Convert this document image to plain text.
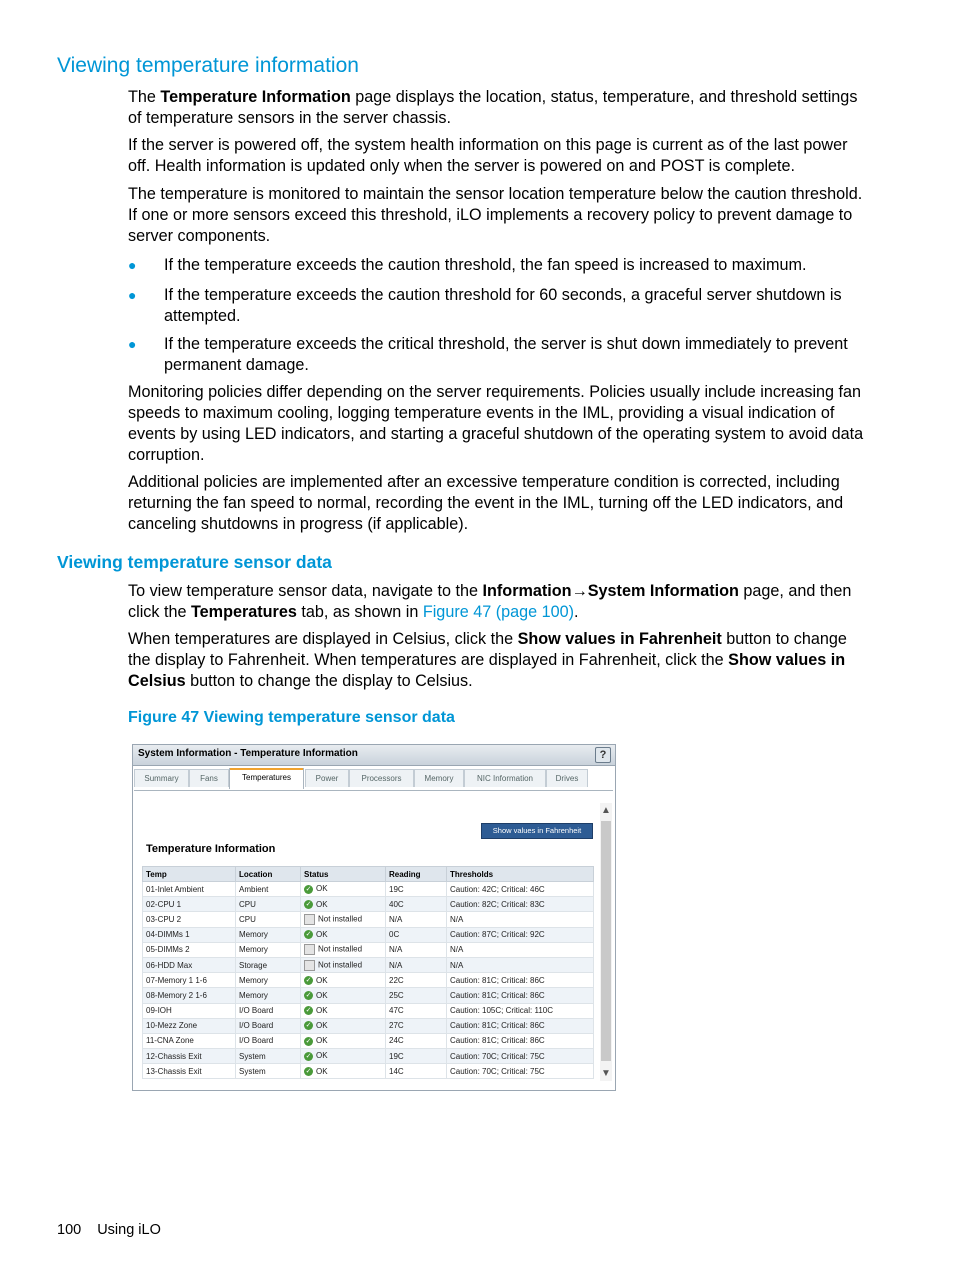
Viewing temperature information

The Temperature Information page displays the location, status, temperature, and threshold settings of temperature sensors in the server chassis.

If the server is powered off, the system health information on this page is current as of the last power off. Health information is updated only when the server is powered on and POST is complete.

The temperature is monitored to maintain the sensor location temperature below the caution threshold. If one or more sensors exceed this threshold, iLO implements a recovery policy to prevent damage to server components.

● If the temperature exceeds the caution threshold, the fan speed is increased to maximum.
● If the temperature exceeds the caution threshold for 60 seconds, a graceful server shutdown is attempted.
● If the temperature exceeds the critical threshold, the server is shut down immediately to prevent permanent damage.

Monitoring policies differ depending on the server requirements. Policies usually include increasing fan speeds to maximum cooling, logging temperature events in the IML, providing a visual indication of events by using LED indicators, and starting a graceful shutdown of the operating system to avoid data corruption.

Additional policies are implemented after an excessive temperature condition is corrected, including returning the fan speed to normal, recording the event in the IML, turning off the LED indicators, and canceling shutdowns in progress (if applicable).

Viewing temperature sensor data

To view temperature sensor data, navigate to the Information→System Information page, and then click the Temperatures tab, as shown in Figure 47 (page 100).

When temperatures are displayed in Celsius, click the Show values in Fahrenheit button to change the display to Fahrenheit. When temperatures are displayed in Fahrenheit, click the Show values in Celsius button to change the display to Celsius.

Figure 47 Viewing temperature sensor data
System Information - Temperature Information	?
Summary	Fans	Temperatures	Power	Processors	Memory	NIC Information	Drives
▲
▼
Show values in Fahrenheit
Temperature Information
Temp	Location	Status	Reading	Thresholds
01-Inlet Ambient	Ambient	✓ OK	19C	Caution: 42C; Critical: 46C
02-CPU 1	CPU	✓ OK	40C	Caution: 82C; Critical: 83C
03-CPU 2	CPU	Not installed	N/A	N/A
04-DIMMs 1	Memory	✓ OK	0C	Caution: 87C; Critical: 92C
05-DIMMs 2	Memory	Not installed	N/A	N/A
06-HDD Max	Storage	Not installed	N/A	N/A
07-Memory 1 1-6	Memory	✓ OK	22C	Caution: 81C; Critical: 86C
08-Memory 2 1-6	Memory	✓ OK	25C	Caution: 81C; Critical: 86C
09-IOH	I/O Board	✓ OK	47C	Caution: 105C; Critical: 110C
10-Mezz Zone	I/O Board	✓ OK	27C	Caution: 81C; Critical: 86C
11-CNA Zone	I/O Board	✓ OK	24C	Caution: 81C; Critical: 86C
12-Chassis Exit	System	✓ OK	19C	Caution: 70C; Critical: 75C
13-Chassis Exit	System	✓ OK	14C	Caution: 70C; Critical: 75C
100 Using iLO
